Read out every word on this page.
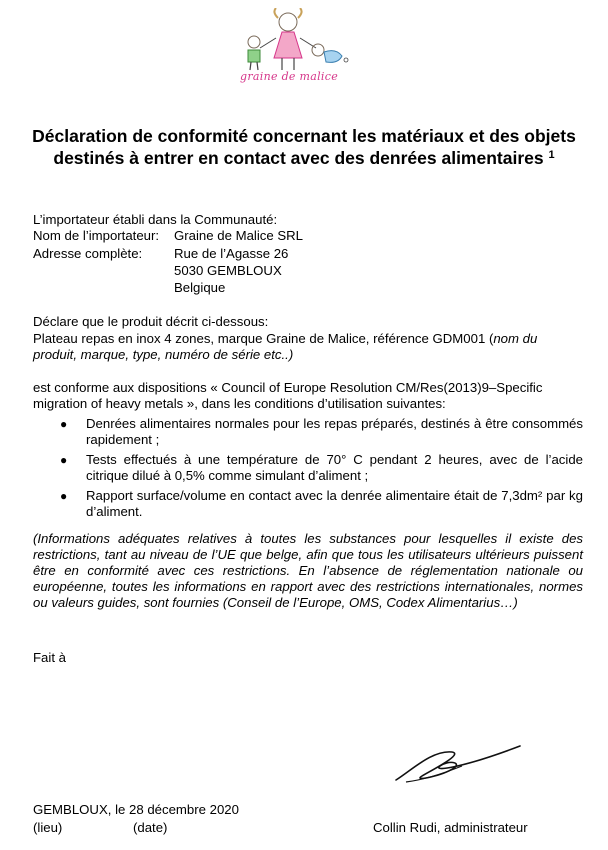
graine de malice
Déclaration de conformité concernant les matériaux et des objets destinés à entrer en contact avec des denrées alimentaires $^1$
L’importateur établi dans la Communauté:
Nom de l’importateur: Graine de Malice SRL
Adresse complète: Rue de l’Agasse 26
5030 GEMBLOUX
Belgique
Déclare que le produit décrit ci-dessous:
Plateau repas en inox 4 zones, marque Graine de Malice, référence GDM001 (nom du produit, marque, type, numéro de série etc..)
est conforme aux dispositions « Council of Europe Resolution CM/Res(2013)9–Specific migration of heavy metals », dans les conditions d’utilisation suivantes:
● Denrées alimentaires normales pour les repas préparés, destinés à être consommés rapidement ;
● Tests effectués à une température de 70° C pendant 2 heures, avec de l’acide citrique dilué à 0,5% comme simulant d’aliment ;
● Rapport surface/volume en contact avec la denrée alimentaire était de 7,3dm² par kg d’aliment.
(Informations adéquates relatives à toutes les substances pour lesquelles il existe des restrictions, tant au niveau de l’UE que belge, afin que tous les utilisateurs ultérieurs puissent être en conformité avec ces restrictions. En l’absence de réglementation nationale ou européenne, toutes les informations en rapport avec des restrictions internationales, normes ou valeurs guides, sont fournies (Conseil de l’Europe, OMS, Codex Alimentarius…)
Fait à
GEMBLOUX, le 28 décembre 2020
(lieu)	(date)	Collin Rudi, administrateur
